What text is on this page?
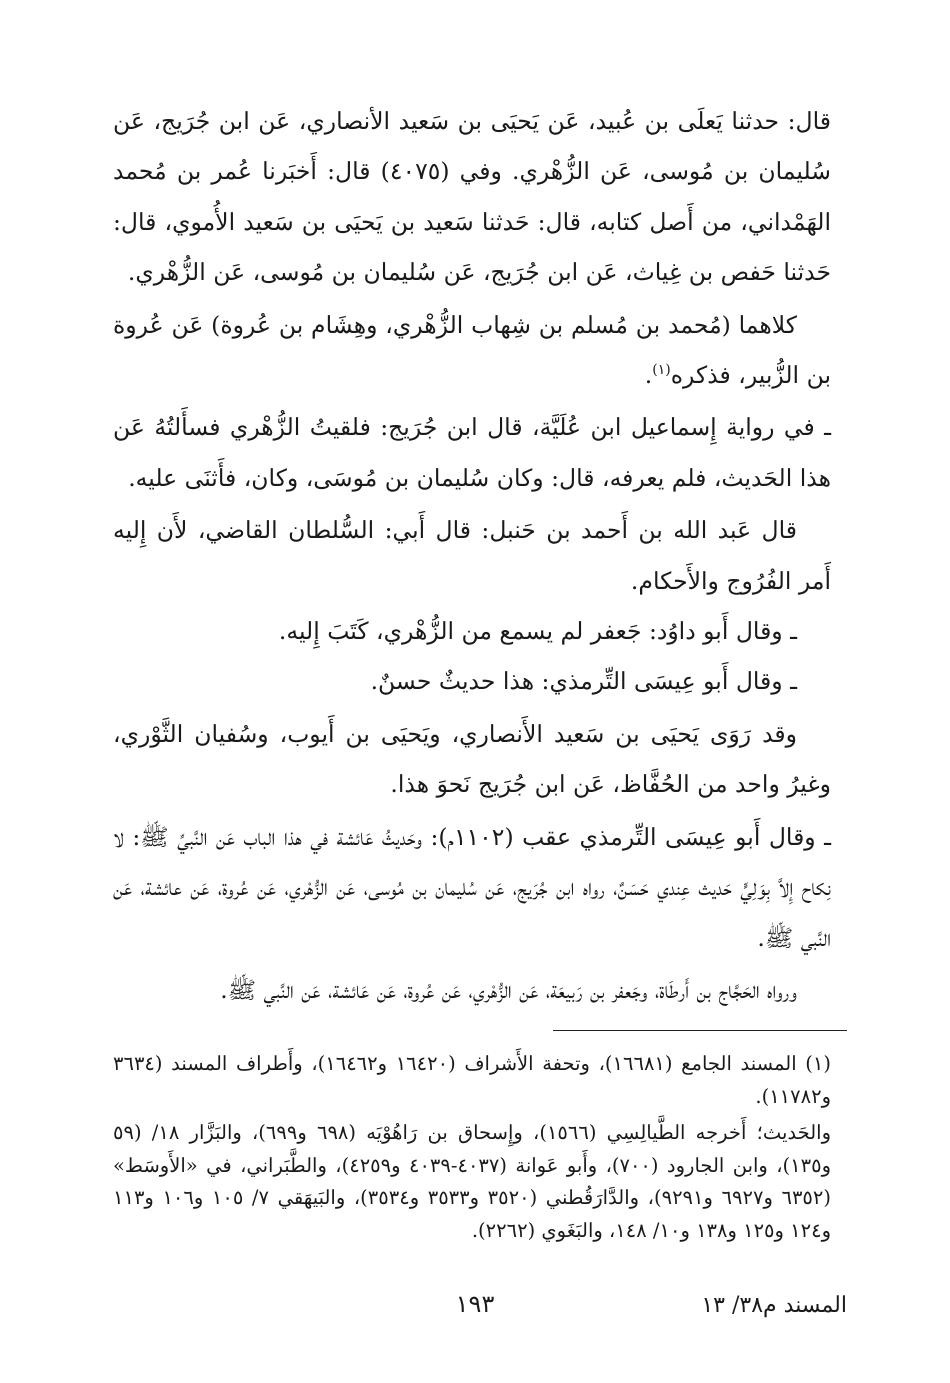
قال: حدثنا يَعلَى بن عُبيد، عَن يَحيَى بن سَعيد الأنصاري، عَن ابن جُرَيج، عَن سُليمان بن مُوسى، عَن الزُّهْري. وفي (٤٠٧٥) قال: أَخبَرنا عُمر بن مُحمد الهَمْداني، من أَصل كتابه، قال: حَدثنا سَعيد بن يَحيَى بن سَعيد الأُموي، قال: حَدثنا حَفص بن غِياث، عَن ابن جُرَيج، عَن سُليمان بن مُوسى، عَن الزُّهْري.

كلاهما (مُحمد بن مُسلم بن شِهاب الزُّهْري، وهِشَام بن عُروة) عَن عُروة بن الزُّبير، فذكره$^{(١)}$.

ـ في رواية إِسماعيل ابن عُلَيَّة، قال ابن جُرَيج: فلقيتُ الزُّهْري فسأَلتُهُ عَن هذا الحَديث، فلم يعرفه، قال: وكان سُليمان بن مُوسَى، وكان، فأَثنَى عليه.

قال عَبد الله بن أَحمد بن حَنبل: قال أَبي: السُّلطان القاضي، لأَن إِليه أَمر الفُرُوج والأَحكام.

ـ وقال أَبو داوُد: جَعفر لم يسمع من الزُّهْري، كَتَبَ إِليه.

ـ وقال أَبو عِيسَى التِّرمذي: هذا حديثٌ حسنٌ.

وقد رَوَى يَحيَى بن سَعيد الأَنصاري، ويَحيَى بن أَيوب، وسُفيان الثَّوْري، وغيرُ واحد من الحُفَّاظ، عَن ابن جُرَيج نَحوَ هذا.

ـ وقال أَبو عِيسَى التِّرمذي عقب (١١٠٢م): وحَديثُ عَائشة في هذا الباب عَن النَّبيِّ ﷺ: لا نِكاح إِلاَّ بِوَلِيٍّ حَديث عِندي حَسَنٌ، رواه ابن جُرَيج، عَن سُليمان بن مُوسى، عَن الزُّهْري، عَن عُروة، عَن عائشة، عَن النَّبي ﷺ.

ورواه الحَجَّاج بن أَرطَاة، وجَعفر بن رَبيعَة، عَن الزُّهْري، عَن عُروة، عَن عَائشة، عَن النَّبي ﷺ.

(١) المسند الجامع (١٦٦٨١)، وتحفة الأَشراف (١٦٤٢٠ و١٦٤٦٢)، وأَطراف المسند (٣٦٣٤ و١١٧٨٢).

والحَديث؛ أَخرجه الطَّيالِسِي (١٥٦٦)، وإِسحاق بن رَاهُوْيَه (٦٩٨ و٦٩٩)، والبَزَّار ١٨/ (٥٩ و١٣٥)، وابن الجارود (٧٠٠)، وأَبو عَوانة (٤٠٣٧-٤٠٣٩ و٤٢٥٩)، والطَّبَراني، في «الأَوسَط» (٦٣٥٢ و٦٩٢٧ و٩٢٩١)، والدَّارَقُطني (٣٥٢٠ و٣٥٣٣ و٣٥٣٤)، والبَيهَقي ٧/ ١٠٥ و١٠٦ و١١٣ و١٢٤ و١٢٥ و١٣٨ و١٠/ ١٤٨، والبَغَوي (٢٢٦٢).

المسند م٣٨/ ١٣
١٩٣
